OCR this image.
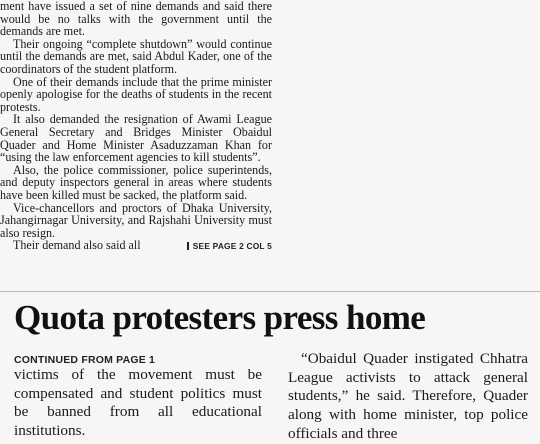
ment have issued a set of nine demands and said there would be no talks with the government until the demands are met.

Their ongoing “complete shutdown” would continue until the demands are met, said Abdul Kader, one of the coordinators of the student platform.

One of their demands include that the prime minister openly apologise for the deaths of students in the recent protests.

It also demanded the resignation of Awami League General Secretary and Bridges Minister Obaidul Quader and Home Minister Asaduzzaman Khan for “using the law enforcement agencies to kill students”.

Also, the police commissioner, police superintends, and deputy inspectors general in areas where students have been killed must be sacked, the platform said.

Vice-chancellors and proctors of Dhaka University, Jahangirnagar University, and Rajshahi University must also resign.

Their demand also said all	SEE PAGE 2 COL 5
Quota protesters press home
CONTINUED FROM PAGE 1

victims of the movement must be compensated and student politics must be banned from all educational institutions.

“Obaidul Quader instigated Chhatra League activists to attack general students,” he said. Therefore, Quader along with home minister, top police officials and three
